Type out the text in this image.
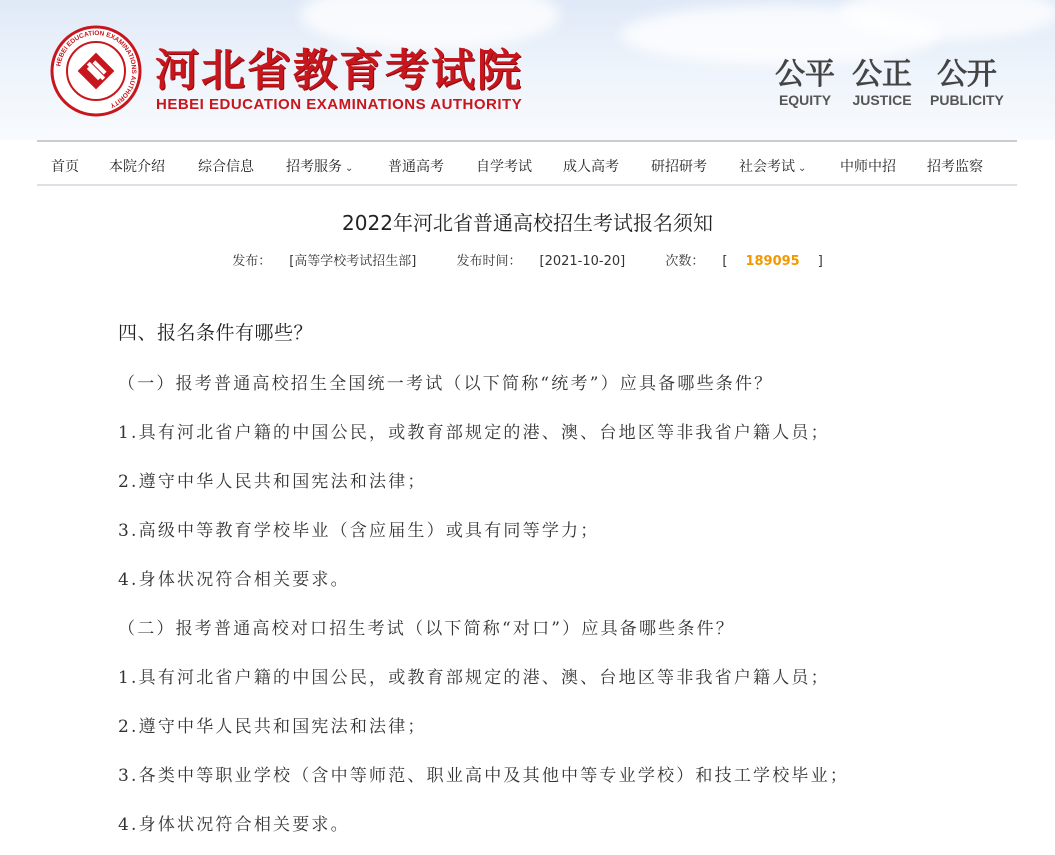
HEBEI EDUCATION EXAMINATIONS AUTHORITY
河北省教育考试院
HEBEI EDUCATION EXAMINATIONS AUTHORITY
公平
EQUITY
公正
JUSTICE
公开
PUBLICITY
首页 本院介绍 综合信息 招考服务 ⌄ 普通高考 自学考试 成人高考 研招研考 社会考试 ⌄ 中师中招 招考监察
2022年河北省普通高校招生考试报名须知
发布： [高等学校考试招生部]	发布时间： [2021-10-20]	次数： [ 189095 ]
四、报名条件有哪些？
（一）报考普通高校招生全国统一考试（以下简称“统考”）应具备哪些条件？
1.具有河北省户籍的中国公民，或教育部规定的港、澳、台地区等非我省户籍人员；
2.遵守中华人民共和国宪法和法律；
3.高级中等教育学校毕业（含应届生）或具有同等学力；
4.身体状况符合相关要求。
（二）报考普通高校对口招生考试（以下简称“对口”）应具备哪些条件？
1.具有河北省户籍的中国公民，或教育部规定的港、澳、台地区等非我省户籍人员；
2.遵守中华人民共和国宪法和法律；
3.各类中等职业学校（含中等师范、职业高中及其他中等专业学校）和技工学校毕业；
4.身体状况符合相关要求。
